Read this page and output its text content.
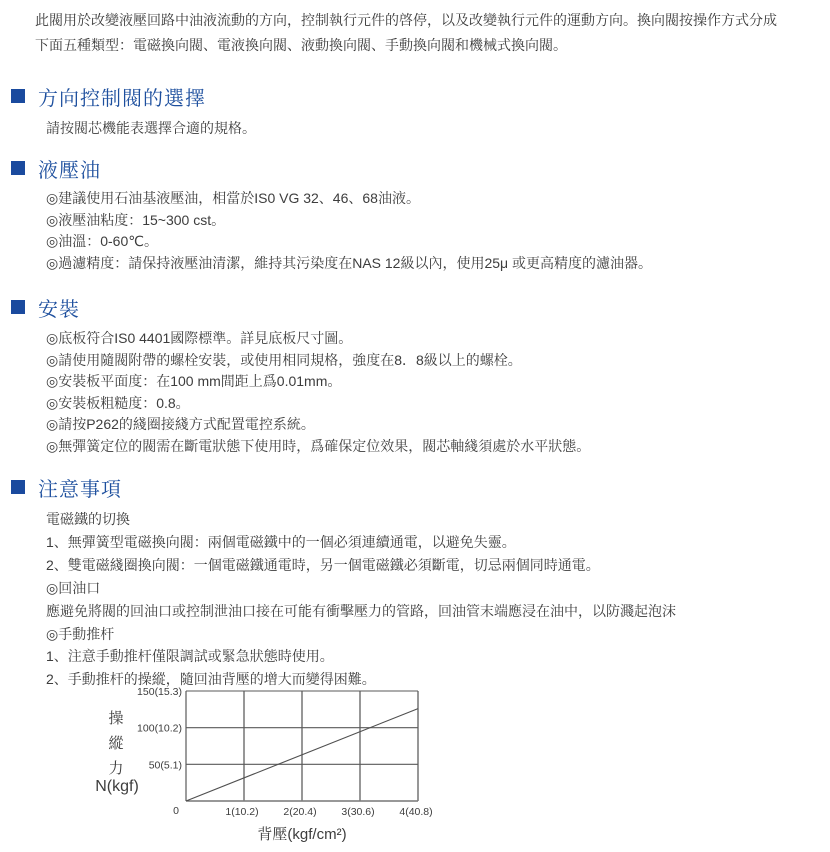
此閥用於改變液壓回路中油液流動的方向，控制執行元件的啓停，以及改變執行元件的運動方向。換向閥按操作方式分成
下面五種類型：電磁換向閥、電液換向閥、液動換向閥、手動換向閥和機械式換向閥。
方向控制閥的選擇
請按閥芯機能表選擇合適的規格。
液壓油
◎建議使用石油基液壓油，相當於IS0 VG 32、46、68油液。
◎液壓油粘度：15~300 cst。
◎油溫：0-60℃。
◎過濾精度：請保持液壓油清潔，維持其污染度在NAS 12級以內，使用25μ 或更高精度的濾油器。
安裝
◎底板符合IS0 4401國際標準。詳見底板尺寸圖。
◎請使用隨閥附帶的螺栓安裝，或使用相同規格，強度在8．8級以上的螺栓。
◎安裝板平面度：在100 mm間距上爲0.01mm。
◎安裝板粗糙度：0.8。
◎請按P262的綫圈接綫方式配置電控系統。
◎無彈簧定位的閥需在斷電狀態下使用時，爲確保定位效果，閥芯軸綫須處於水平狀態。
注意事項
電磁鐵的切換
1、無彈簧型電磁換向閥：兩個電磁鐵中的一個必須連續通電，以避免失靈。
2、雙電磁綫圈換向閥：一個電磁鐵通電時，另一個電磁鐵必須斷電，切忌兩個同時通電。
◎回油口
應避免將閥的回油口或控制泄油口接在可能有衝擊壓力的管路，回油管末端應浸在油中，以防濺起泡沫
◎手動推杆
1、注意手動推杆僅限調試或緊急狀態時使用。
2、手動推杆的操縱，隨回油背壓的增大而變得困難。
50(5.1)
100(10.2)
150(15.3)
0	1(10.2) 2(20.4) 3(30.6) 4(40.8)
操
縱
力
N(kgf)
背壓(kgf/cm²)
